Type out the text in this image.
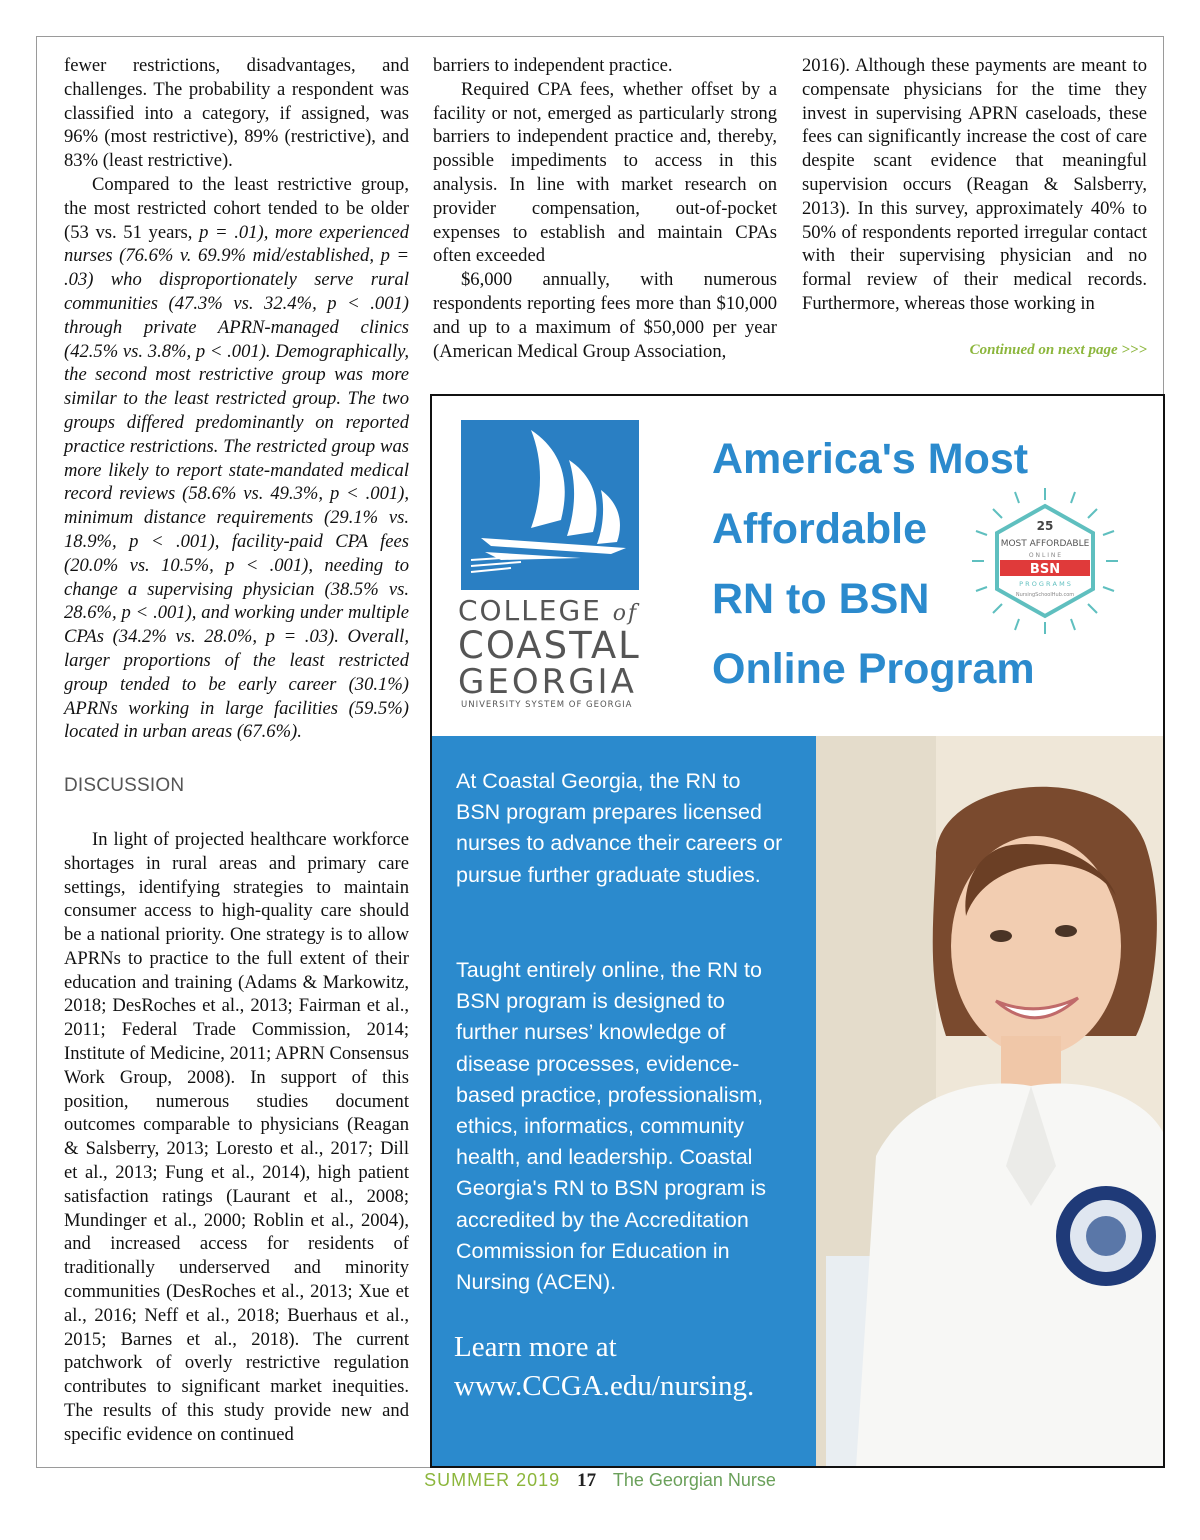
fewer restrictions, disadvantages, and challenges. The probability a respondent was classified into a category, if assigned, was 96% (most restrictive), 89% (restrictive), and 83% (least restrictive).

Compared to the least restrictive group, the most restricted cohort tended to be older (53 vs. 51 years, p = .01), more experienced nurses (76.6% v. 69.9% mid/established, p = .03) who disproportionately serve rural communities (47.3% vs. 32.4%, p < .001) through private APRN-managed clinics (42.5% vs. 3.8%, p < .001). Demographically, the second most restrictive group was more similar to the least restricted group. The two groups differed predominantly on reported practice restrictions. The restricted group was more likely to report state-mandated medical record reviews (58.6% vs. 49.3%, p < .001), minimum distance requirements (29.1% vs. 18.9%, p < .001), facility-paid CPA fees (20.0% vs. 10.5%, p < .001), needing to change a supervising physician (38.5% vs. 28.6%, p < .001), and working under multiple CPAs (34.2% vs. 28.0%, p = .03). Overall, larger proportions of the least restricted group tended to be early career (30.1%) APRNs working in large facilities (59.5%) located in urban areas (67.6%).

DISCUSSION

In light of projected healthcare workforce shortages in rural areas and primary care settings, identifying strategies to maintain consumer access to high-quality care should be a national priority. One strategy is to allow APRNs to practice to the full extent of their education and training (Adams & Markowitz, 2018; DesRoches et al., 2013; Fairman et al., 2011; Federal Trade Commission, 2014; Institute of Medicine, 2011; APRN Consensus Work Group, 2008). In support of this position, numerous studies document outcomes comparable to physicians (Reagan & Salsberry, 2013; Loresto et al., 2017; Dill et al., 2013; Fung et al., 2014), high patient satisfaction ratings (Laurant et al., 2008; Mundinger et al., 2000; Roblin et al., 2004), and increased access for residents of traditionally underserved and minority communities (DesRoches et al., 2013; Xue et al., 2016; Neff et al., 2018; Buerhaus et al., 2015; Barnes et al., 2018). The current patchwork of overly restrictive regulation contributes to significant market inequities. The results of this study provide new and specific evidence on continued

barriers to independent practice.

Required CPA fees, whether offset by a facility or not, emerged as particularly strong barriers to independent practice and, thereby, possible impediments to access in this analysis. In line with market research on provider compensation, out-of-pocket expenses to establish and maintain CPAs often exceeded

$6,000 annually, with numerous respondents reporting fees more than $10,000 and up to a maximum of $50,000 per year (American Medical Group Association,

2016). Although these payments are meant to compensate physicians for the time they invest in supervising APRN caseloads, these fees can significantly increase the cost of care despite scant evidence that meaningful supervision occurs (Reagan & Salsberry, 2013). In this survey, approximately 40% to 50% of respondents reported irregular contact with their supervising physician and no formal review of their medical records. Furthermore, whereas those working in

Continued on next page >>>
COLLEGE of
COASTAL
GEORGIA
UNIVERSITY SYSTEM OF GEORGIA
America's Most
Affordable
RN to BSN
Online Program
25
MOST AFFORDABLE
O N L I N E
BSN
P R O G R A M S
NursingSchoolHub.com

At Coastal Georgia, the RN to BSN program prepares licensed nurses to advance their careers or pursue further graduate studies.

Taught entirely online, the RN to BSN program is designed to further nurses’ knowledge of disease processes, evidence-based practice, professionalism, ethics, informatics, community health, and leadership. Coastal Georgia's RN to BSN program is accredited by the Accreditation Commission for Education in Nursing (ACEN).

Learn more at
www.CCGA.edu/nursing.

SUMMER 2019 17 The Georgian Nurse
